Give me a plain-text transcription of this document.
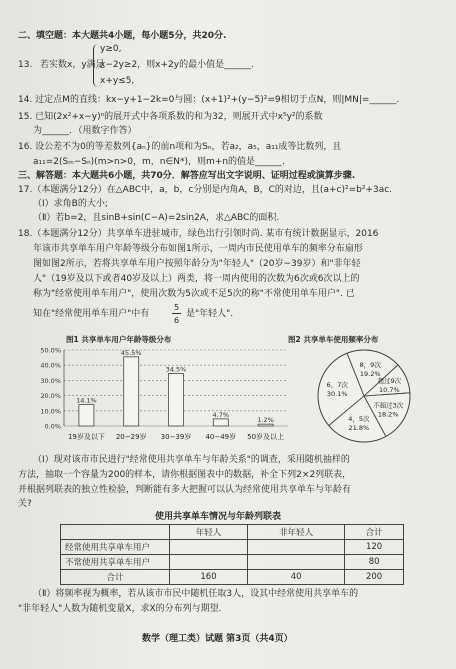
二、填空题：本大题共4小题，每小题5分，共20分.
13. 若实数x，y满足
y≥0,
x−2y≥2，则x+2y的最小值是______.
x+y≤5,
14. 过定点M的直线：kx−y+1−2k=0与圆：(x+1)²+(y−5)²=9相切于点N，则|MN|=______.
15. 已知(2x²+x−y)ⁿ的展开式中各项系数的和为32，则展开式中x⁵y²的系数
为______．（用数字作答）
16. 设公差不为0的等差数列{aₙ}的前n项和为Sₙ，若a₂，a₅，a₁₁成等比数列，且
a₁₁=2(Sₘ−Sₙ)(m>n>0，m，n∈N*)，则m+n的值是______.
三、解答题：本大题共6小题，共70分．解答应写出文字说明、证明过程或演算步骤.
17.（本题满分12分）在△ABC中，a，b，c分别是内角A，B，C的对边，且(a+c)²=b²+3ac.
（Ⅰ）求角B的大小;
（Ⅱ）若b=2，且sinB+sin(C−A)=2sin2A，求△ABC的面积.
18.（本题满分12分）共享单车进驻城市，绿色出行引领时尚. 某市有统计数据显示，2016
年该市共享单车用户年龄等级分布如图1所示，一周内市民使用单车的频率分布扇形
图如图2所示，若将共享单车用户按照年龄分为"年轻人"（20岁−39岁）和"非年轻
人"（19岁及以下或者40岁及以上）两类，将一周内使用的次数为6次或6次以上的
称为"经常使用单车用户"，使用次数为5次或不足5次的称"不常使用单车用户". 已
知在"经常使用单车用户"中有
5
6
是"年轻人".
图1 共享单车用户年龄等级分布	图2 共享单车使用频率分布
0.0%
10.0%
20.0%
30.0%
40.0%
50.0%
14.1%
19岁及以下
45.5%
20−29岁
34.5%
30−39岁
4.7%
40−49岁
1.2%
50岁及以上
8，9次
19.2%
超过9次
10.7%
不超过3次
18.2%
4，5次
21.8%
6，7次
30.1%
（Ⅰ）现对该市市民进行"经常使用共享单车与年龄关系"的调查，采用随机抽样的
方法，抽取一个容量为200的样本，请你根据图表中的数据，补全下列2×2列联表，
并根据列联表的独立性检验，判断能有多大把握可以认为经常使用共享单车与年龄有
关?
使用共享单车情况与年龄列联表
	年轻人	非年轻人	合计
经常使用共享单车用户			120
不常使用共享单车用户			80
合计	160	40	200
（Ⅱ）将频率视为概率，若从该市市民中随机任取3人，设其中经常使用共享单车的
"非年轻人"人数为随机变量X，求X的分布列与期望.
数学（理工类）试题 第3页（共4页）
